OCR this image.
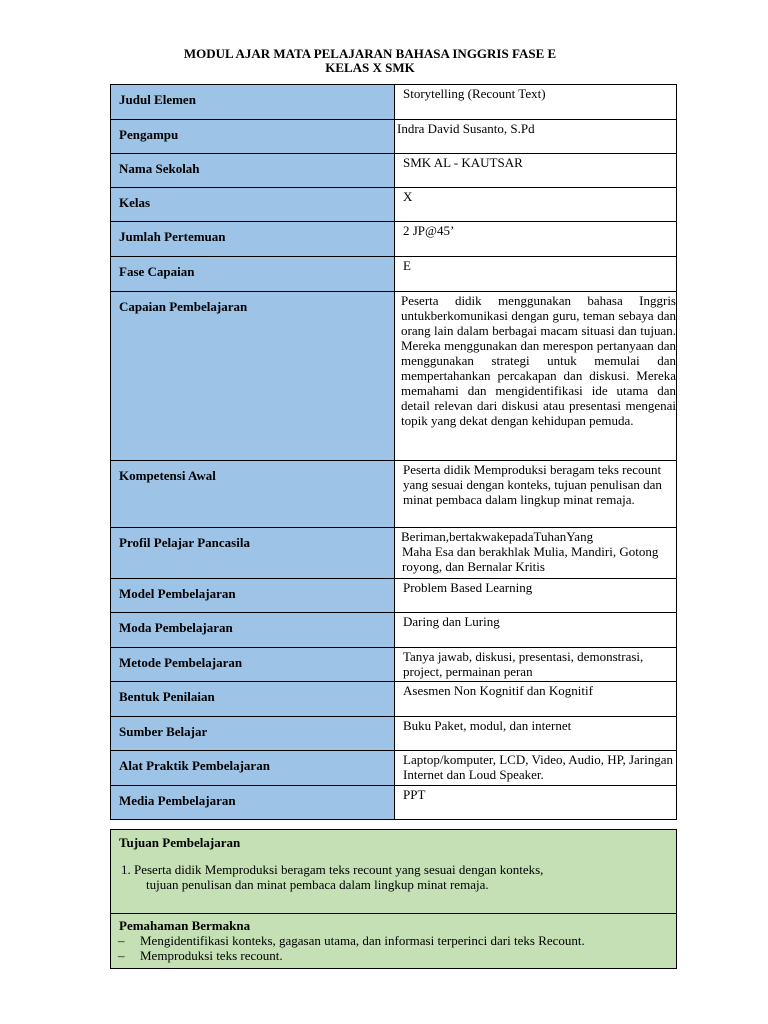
MODUL AJAR MATA PELAJARAN BAHASA INGGRIS FASE E
KELAS X SMK
Judul Elemen	Storytelling (Recount Text)
Pengampu	Indra David Susanto, S.Pd
Nama Sekolah	SMK AL - KAUTSAR
Kelas	X
Jumlah Pertemuan	2 JP@45’
Fase Capaian	E
Capaian Pembelajaran	Peserta didik menggunakan bahasa Inggris untukberkomunikasi dengan guru, teman sebaya dan orang lain dalam berbagai macam situasi dan tujuan. Mereka menggunakan dan merespon pertanyaan dan menggunakan strategi untuk memulai dan mempertahankan percakapan dan diskusi. Mereka memahami dan mengidentifikasi ide utama dan detail relevan dari diskusi atau presentasi mengenai topik yang dekat dengan kehidupan pemuda.
Kompetensi Awal	Peserta didik Memproduksi beragam teks recount yang sesuai dengan konteks, tujuan penulisan dan minat pembaca dalam lingkup minat remaja.
Profil Pelajar Pancasila	Beriman,bertakwakepadaTuhanYang
Maha Esa dan berakhlak Mulia, Mandiri, Gotong royong, dan Bernalar Kritis

Model Pembelajaran	Problem Based Learning
Moda Pembelajaran	Daring dan Luring
Metode Pembelajaran	Tanya jawab, diskusi, presentasi, demonstrasi, project, permainan peran
Bentuk Penilaian	Asesmen Non Kognitif dan Kognitif
Sumber Belajar	Buku Paket, modul, dan internet
Alat Praktik Pembelajaran	Laptop/komputer, LCD, Video, Audio, HP, Jaringan Internet dan Loud Speaker.
Media Pembelajaran	PPT
Tujuan Pembelajaran
1. Peserta didik Memproduksi beragam teks recount yang sesuai dengan konteks,
tujuan penulisan dan minat pembaca dalam lingkup minat remaja.

Pemahaman Bermakna
–	Mengidentifikasi konteks, gagasan utama, dan informasi terperinci dari teks Recount.
–	Memproduksi teks recount.
